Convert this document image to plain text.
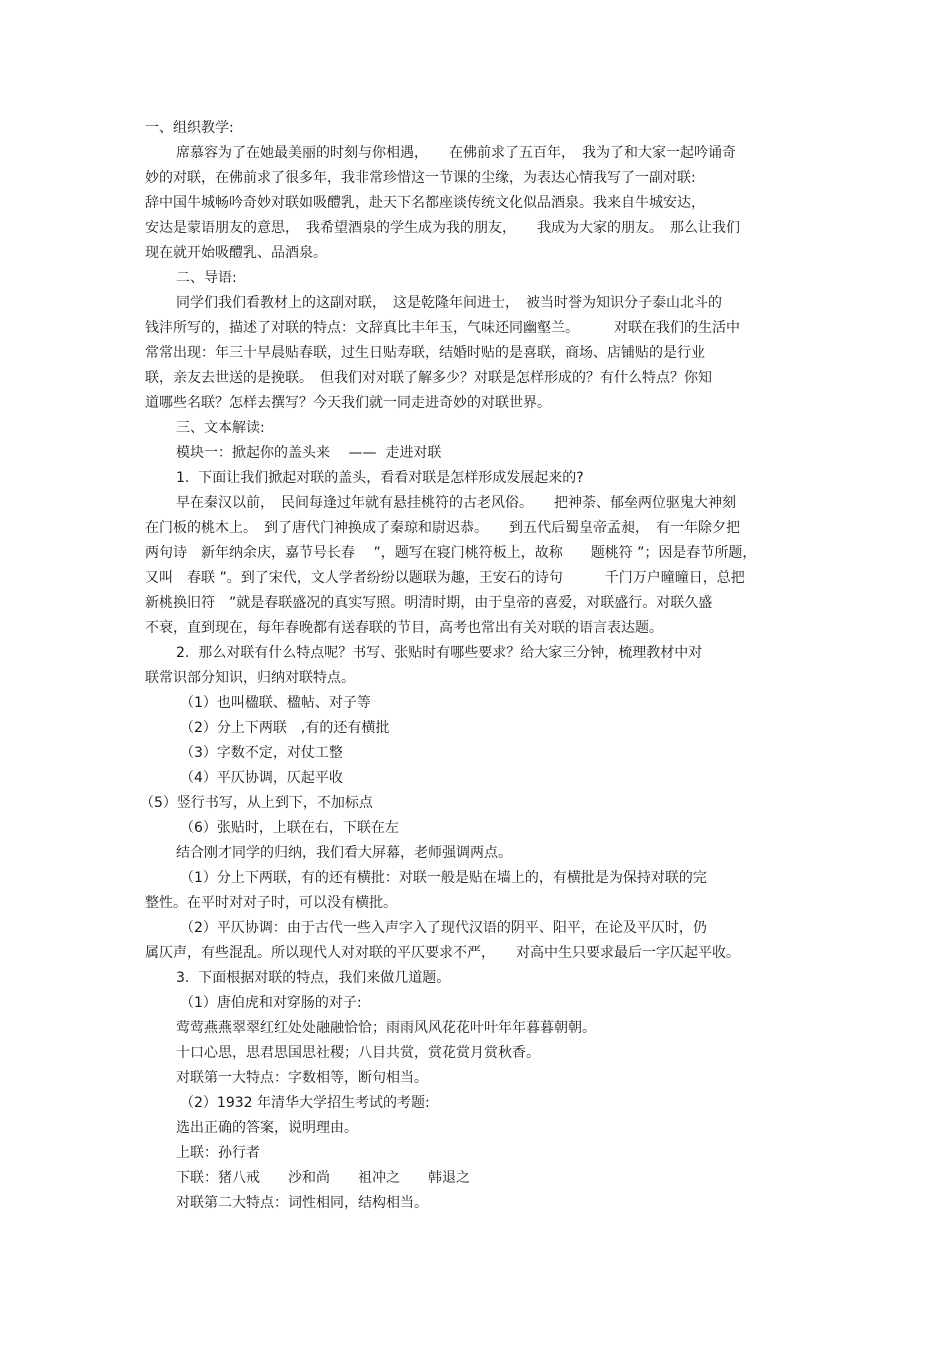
一、组织教学:
席慕容为了在她最美丽的时刻与你相遇，　　在佛前求了五百年，　我为了和大家一起吟诵奇
妙的对联，在佛前求了很多年，我非常珍惜这一节课的尘缘，为表达心情我写了一副对联:
辞中国牛城畅吟奇妙对联如吸醴乳，赴天下名都座谈传统文化似品酒泉。我来自牛城安达，
安达是蒙语朋友的意思，　我希望酒泉的学生成为我的朋友，　　我成为大家的朋友。　那么让我们
现在就开始吸醴乳、品酒泉。
二、导语:
同学们我们看教材上的这副对联，　这是乾隆年间进士，　被当时誉为知识分子泰山北斗的
钱沣所写的，描述了对联的特点：文辞真比丰年玉，气味还同幽壑兰。　　　对联在我们的生活中
常常出现：年三十早晨贴春联，过生日贴寿联，结婚时贴的是喜联，商场、店铺贴的是行业
联，亲友去世送的是挽联。　但我们对对联了解多少？对联是怎样形成的？有什么特点？你知
道哪些名联？怎样去撰写？今天我们就一同走进奇妙的对联世界。
三、文本解读:
模块一：掀起你的盖头来　 ——  走进对联
1.  下面让我们掀起对联的盖头，看看对联是怎样形成发展起来的?
早在秦汉以前，　民间每逢过年就有悬挂桃符的古老风俗。　　把神荼、郁垒两位驱鬼大神刻
在门板的桃木上。　到了唐代门神换成了秦琼和尉迟恭。　　到五代后蜀皇帝孟昶，　有一年除夕把
两句诗　新年纳余庆，嘉节号长春　 ”，题写在寝门桃符板上，故称　　题桃符 ”；因是春节所题，
又叫　春联 ”。到了宋代，文人学者纷纷以题联为趣，王安石的诗句　　　千门万户曈曈日，总把
新桃换旧符　”就是春联盛况的真实写照。明清时期，由于皇帝的喜爱，对联盛行。对联久盛
不衰，直到现在，每年春晚都有送春联的节目，高考也常出有关对联的语言表达题。
2.  那么对联有什么特点呢？书写、张贴时有哪些要求？给大家三分钟，梳理教材中对
联常识部分知识，归纳对联特点。
（1）也叫楹联、楹帖、对子等
（2）分上下两联　,有的还有横批
（3）字数不定，对仗工整
（4）平仄协调，仄起平收
（5）竖行书写，从上到下，不加标点
（6）张贴时，上联在右，下联在左
结合刚才同学的归纳，我们看大屏幕，老师强调两点。
（1）分上下两联，有的还有横批：对联一般是贴在墙上的，有横批是为保持对联的完
整性。在平时对对子时，可以没有横批。
（2）平仄协调：由于古代一些入声字入了现代汉语的阴平、阳平，在论及平仄时，仍
属仄声，有些混乱。所以现代人对对联的平仄要求不严，　　对高中生只要求最后一字仄起平收。
3.  下面根据对联的特点，我们来做几道题。
（1）唐伯虎和对穿肠的对子:
莺莺燕燕翠翠红红处处融融恰恰；雨雨风风花花叶叶年年暮暮朝朝。
十口心思，思君思国思社稷；八目共赏，赏花赏月赏秋香。
对联第一大特点：字数相等，断句相当。
（2）1932 年清华大学招生考试的考题:
选出正确的答案，说明理由。
上联：孙行者
下联：猪八戒　　沙和尚　　祖冲之　　韩退之
对联第二大特点：词性相同，结构相当。
